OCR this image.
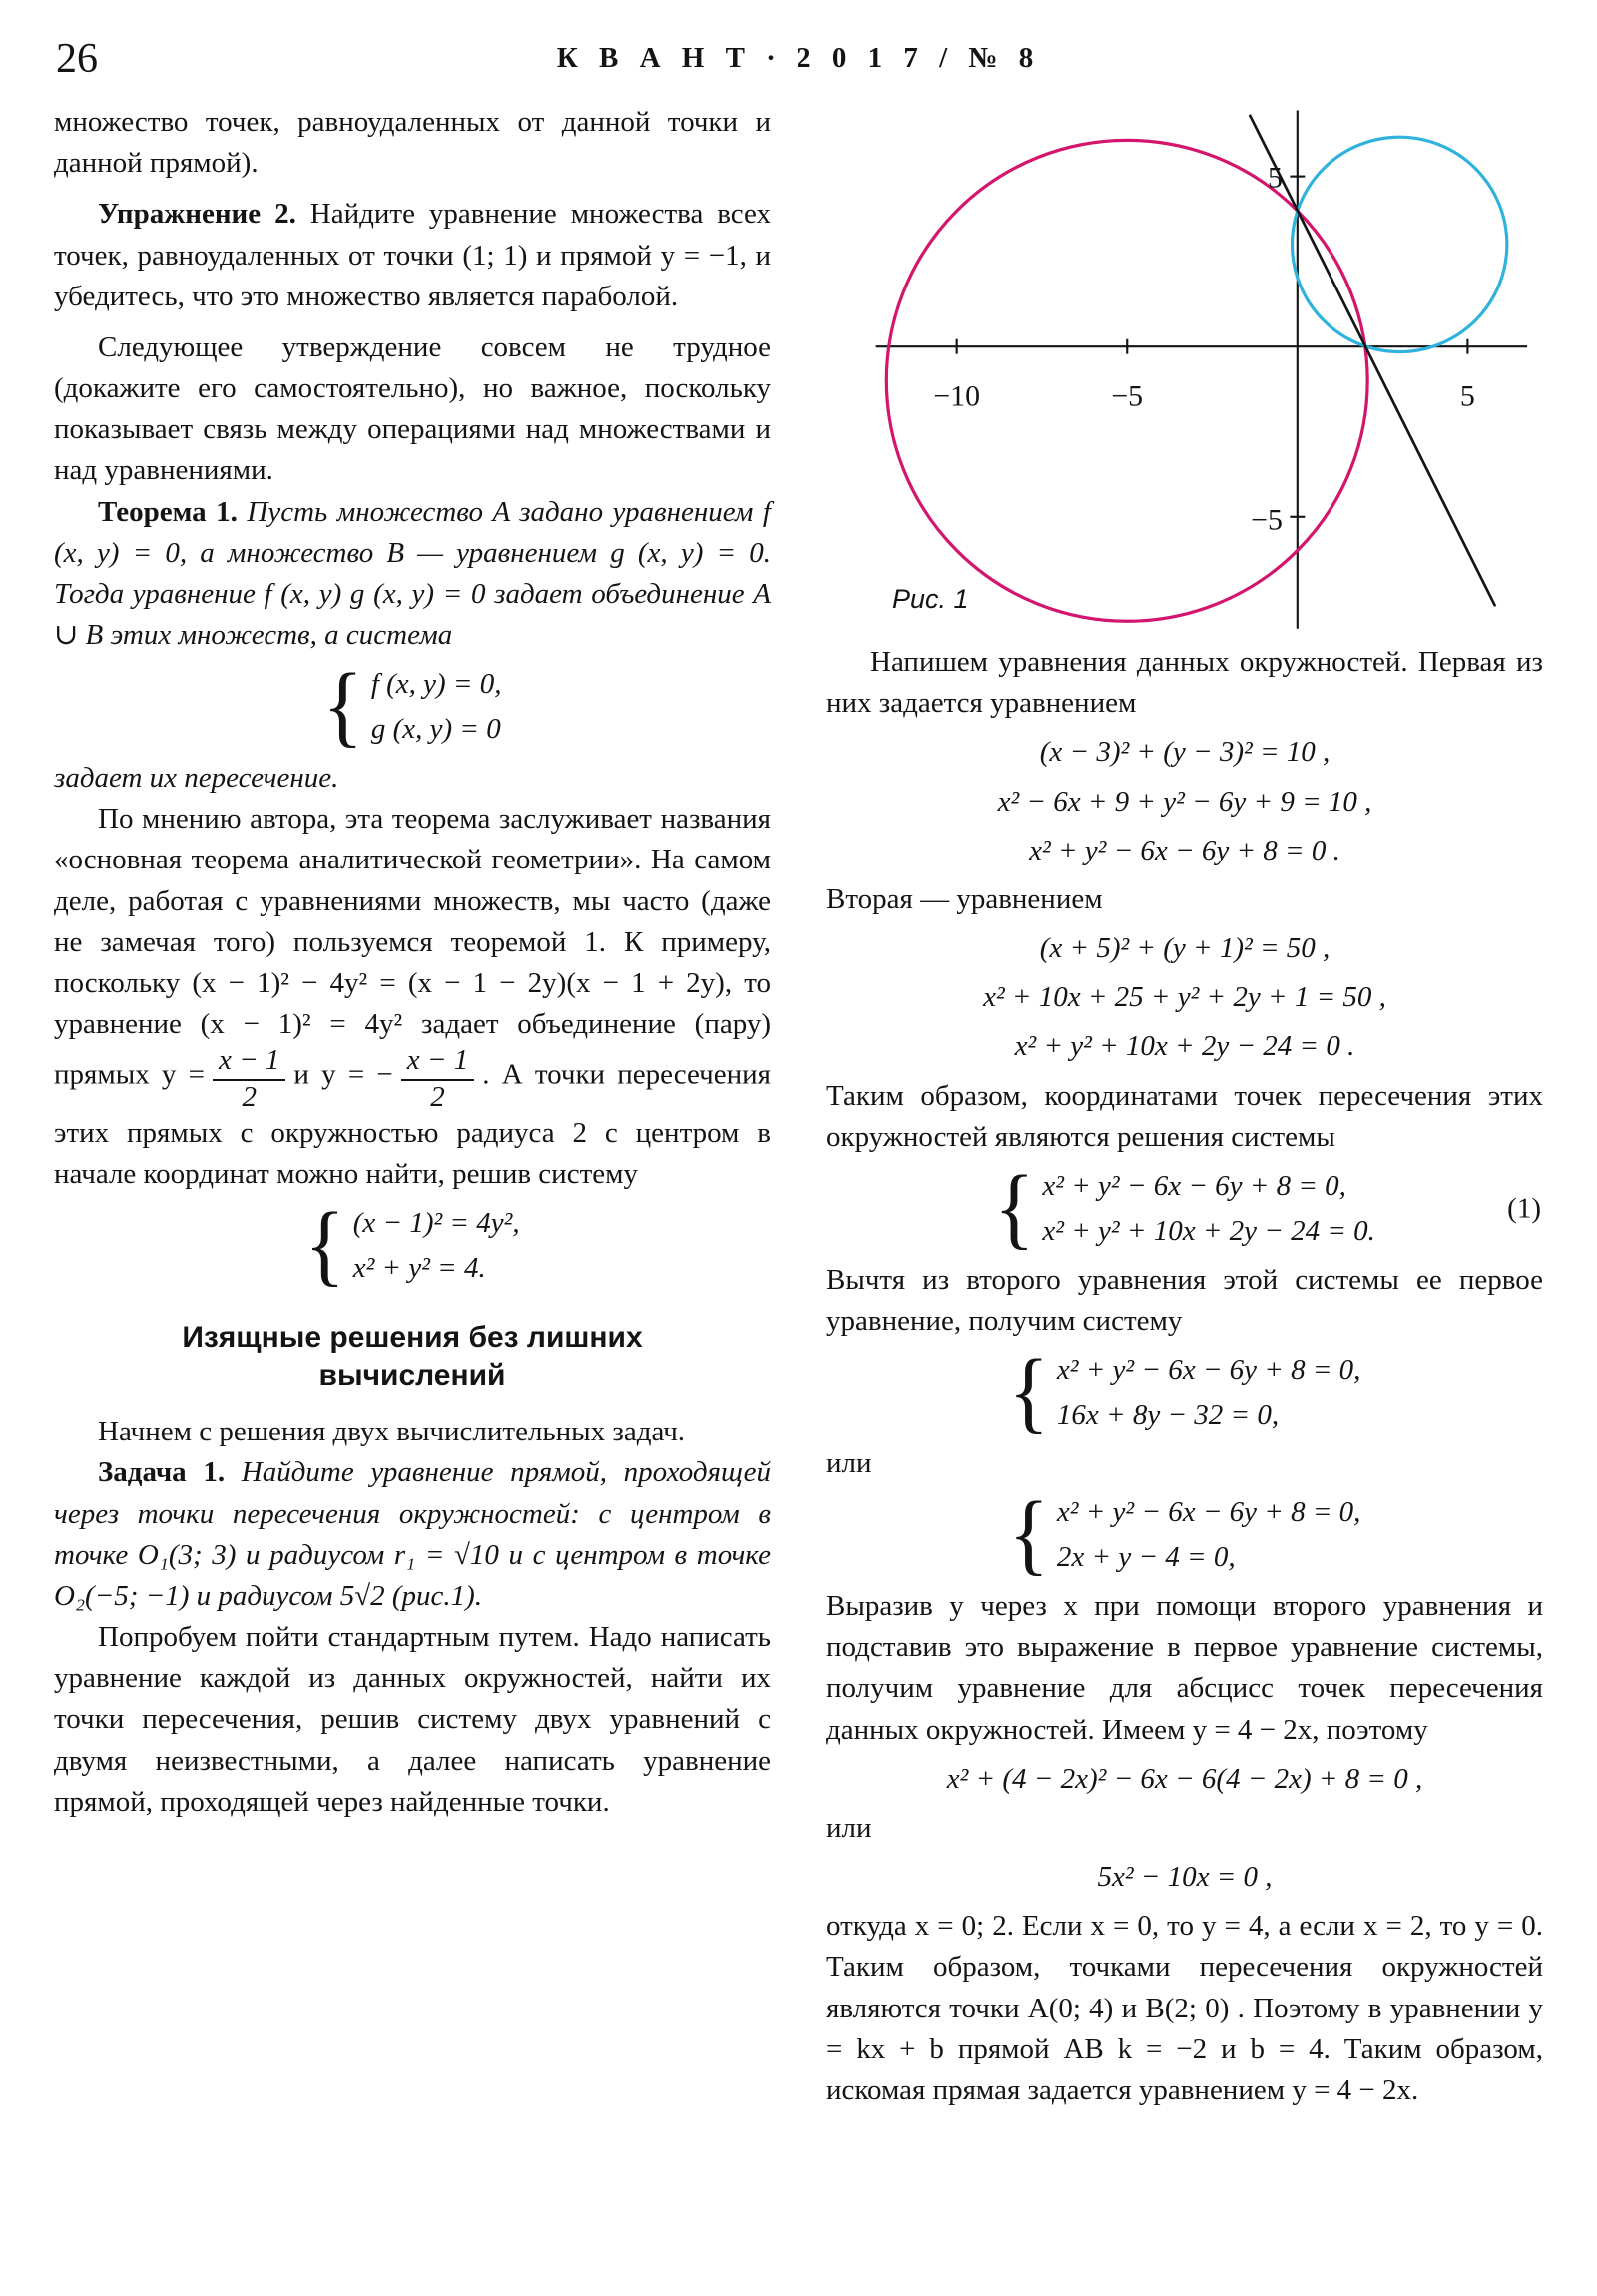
26	К В А Н Т · 2 0 1 7 / № 8

множество точек, равноудаленных от данной точки и данной прямой).

Упражнение 2. Найдите уравнение множества всех точек, равноудаленных от точки (1; 1) и прямой y = −1, и убедитесь, что это множество является параболой.

Следующее утверждение совсем не трудное (докажите его самостоятельно), но важное, поскольку показывает связь между операциями над множествами и над уравнениями.

Теорема 1. Пусть множество A задано уравнением f (x, y) = 0, а множество B — уравнением g (x, y) = 0. Тогда уравнение f (x, y) g (x, y) = 0 задает объединение A ∪ B этих множеств, а система

{ f (x, y) = 0,
g (x, y) = 0

задает их пересечение.

По мнению автора, эта теорема заслуживает названия «основная теорема аналитической геометрии». На самом деле, работая с уравнениями множеств, мы часто (даже не замечая того) пользуемся теоремой 1. К примеру, поскольку (x − 1)² − 4y² = (x − 1 − 2y)(x − 1 + 2y), то уравнение (x − 1)² = 4y² задает объединение (пару) прямых $y = \frac{x - 1}{2}$ и y = − $\frac{x - 1}{2}$ . А точки пересечения этих прямых с окружностью радиуса 2 с центром в начале координат можно найти, решив систему

{ (x − 1)² = 4y²,
x² + y² = 4.
Изящные решения без лишних вычислений

Начнем с решения двух вычислительных задач.

Задача 1. Найдите уравнение прямой, проходящей через точки пересечения окружностей: с центром в точке O₁(3; 3) и радиусом r₁ = √10 и с центром в точке O₂(−5; −1) и радиусом 5√2 (рис.1).

Попробуем пойти стандартным путем. Надо написать уравнение каждой из данных окружностей, найти их точки пересечения, решив систему двух уравнений с двумя неизвестными, а далее написать уравнение прямой, проходящей через найденные точки.

−10	−5	5
5
−5
Рис. 1

Напишем уравнения данных окружностей. Первая из них задается уравнением

(x − 3)² + (y − 3)² = 10 ,
x² − 6x + 9 + y² − 6y + 9 = 10 ,
x² + y² − 6x − 6y + 8 = 0 .

Вторая — уравнением

(x + 5)² + (y + 1)² = 50 ,
x² + 10x + 25 + y² + 2y + 1 = 50 ,
x² + y² + 10x + 2y − 24 = 0 .

Таким образом, координатами точек пересечения этих окружностей являются решения системы

{ x² + y² − 6x − 6y + 8 = 0,
x² + y² + 10x + 2y − 24 = 0.
(1)

Вычтя из второго уравнения этой системы ее первое уравнение, получим систему

{ x² + y² − 6x − 6y + 8 = 0,
16x + 8y − 32 = 0,

или

{ x² + y² − 6x − 6y + 8 = 0,
2x + y − 4 = 0,

Выразив y через x при помощи второго уравнения и подставив это выражение в первое уравнение системы, получим уравнение для абсцисс точек пересечения данных окружностей. Имеем y = 4 − 2x, поэтому

x² + (4 − 2x)² − 6x − 6(4 − 2x) + 8 = 0 ,

или

5x² − 10x = 0 ,

откуда x = 0; 2. Если x = 0, то y = 4, а если x = 2, то y = 0. Таким образом, точками пересечения окружностей являются точки A(0; 4) и B(2; 0) . Поэтому в уравнении y = kx + b прямой AB k = −2 и b = 4. Таким образом, искомая прямая задается уравнением y = 4 − 2x.
